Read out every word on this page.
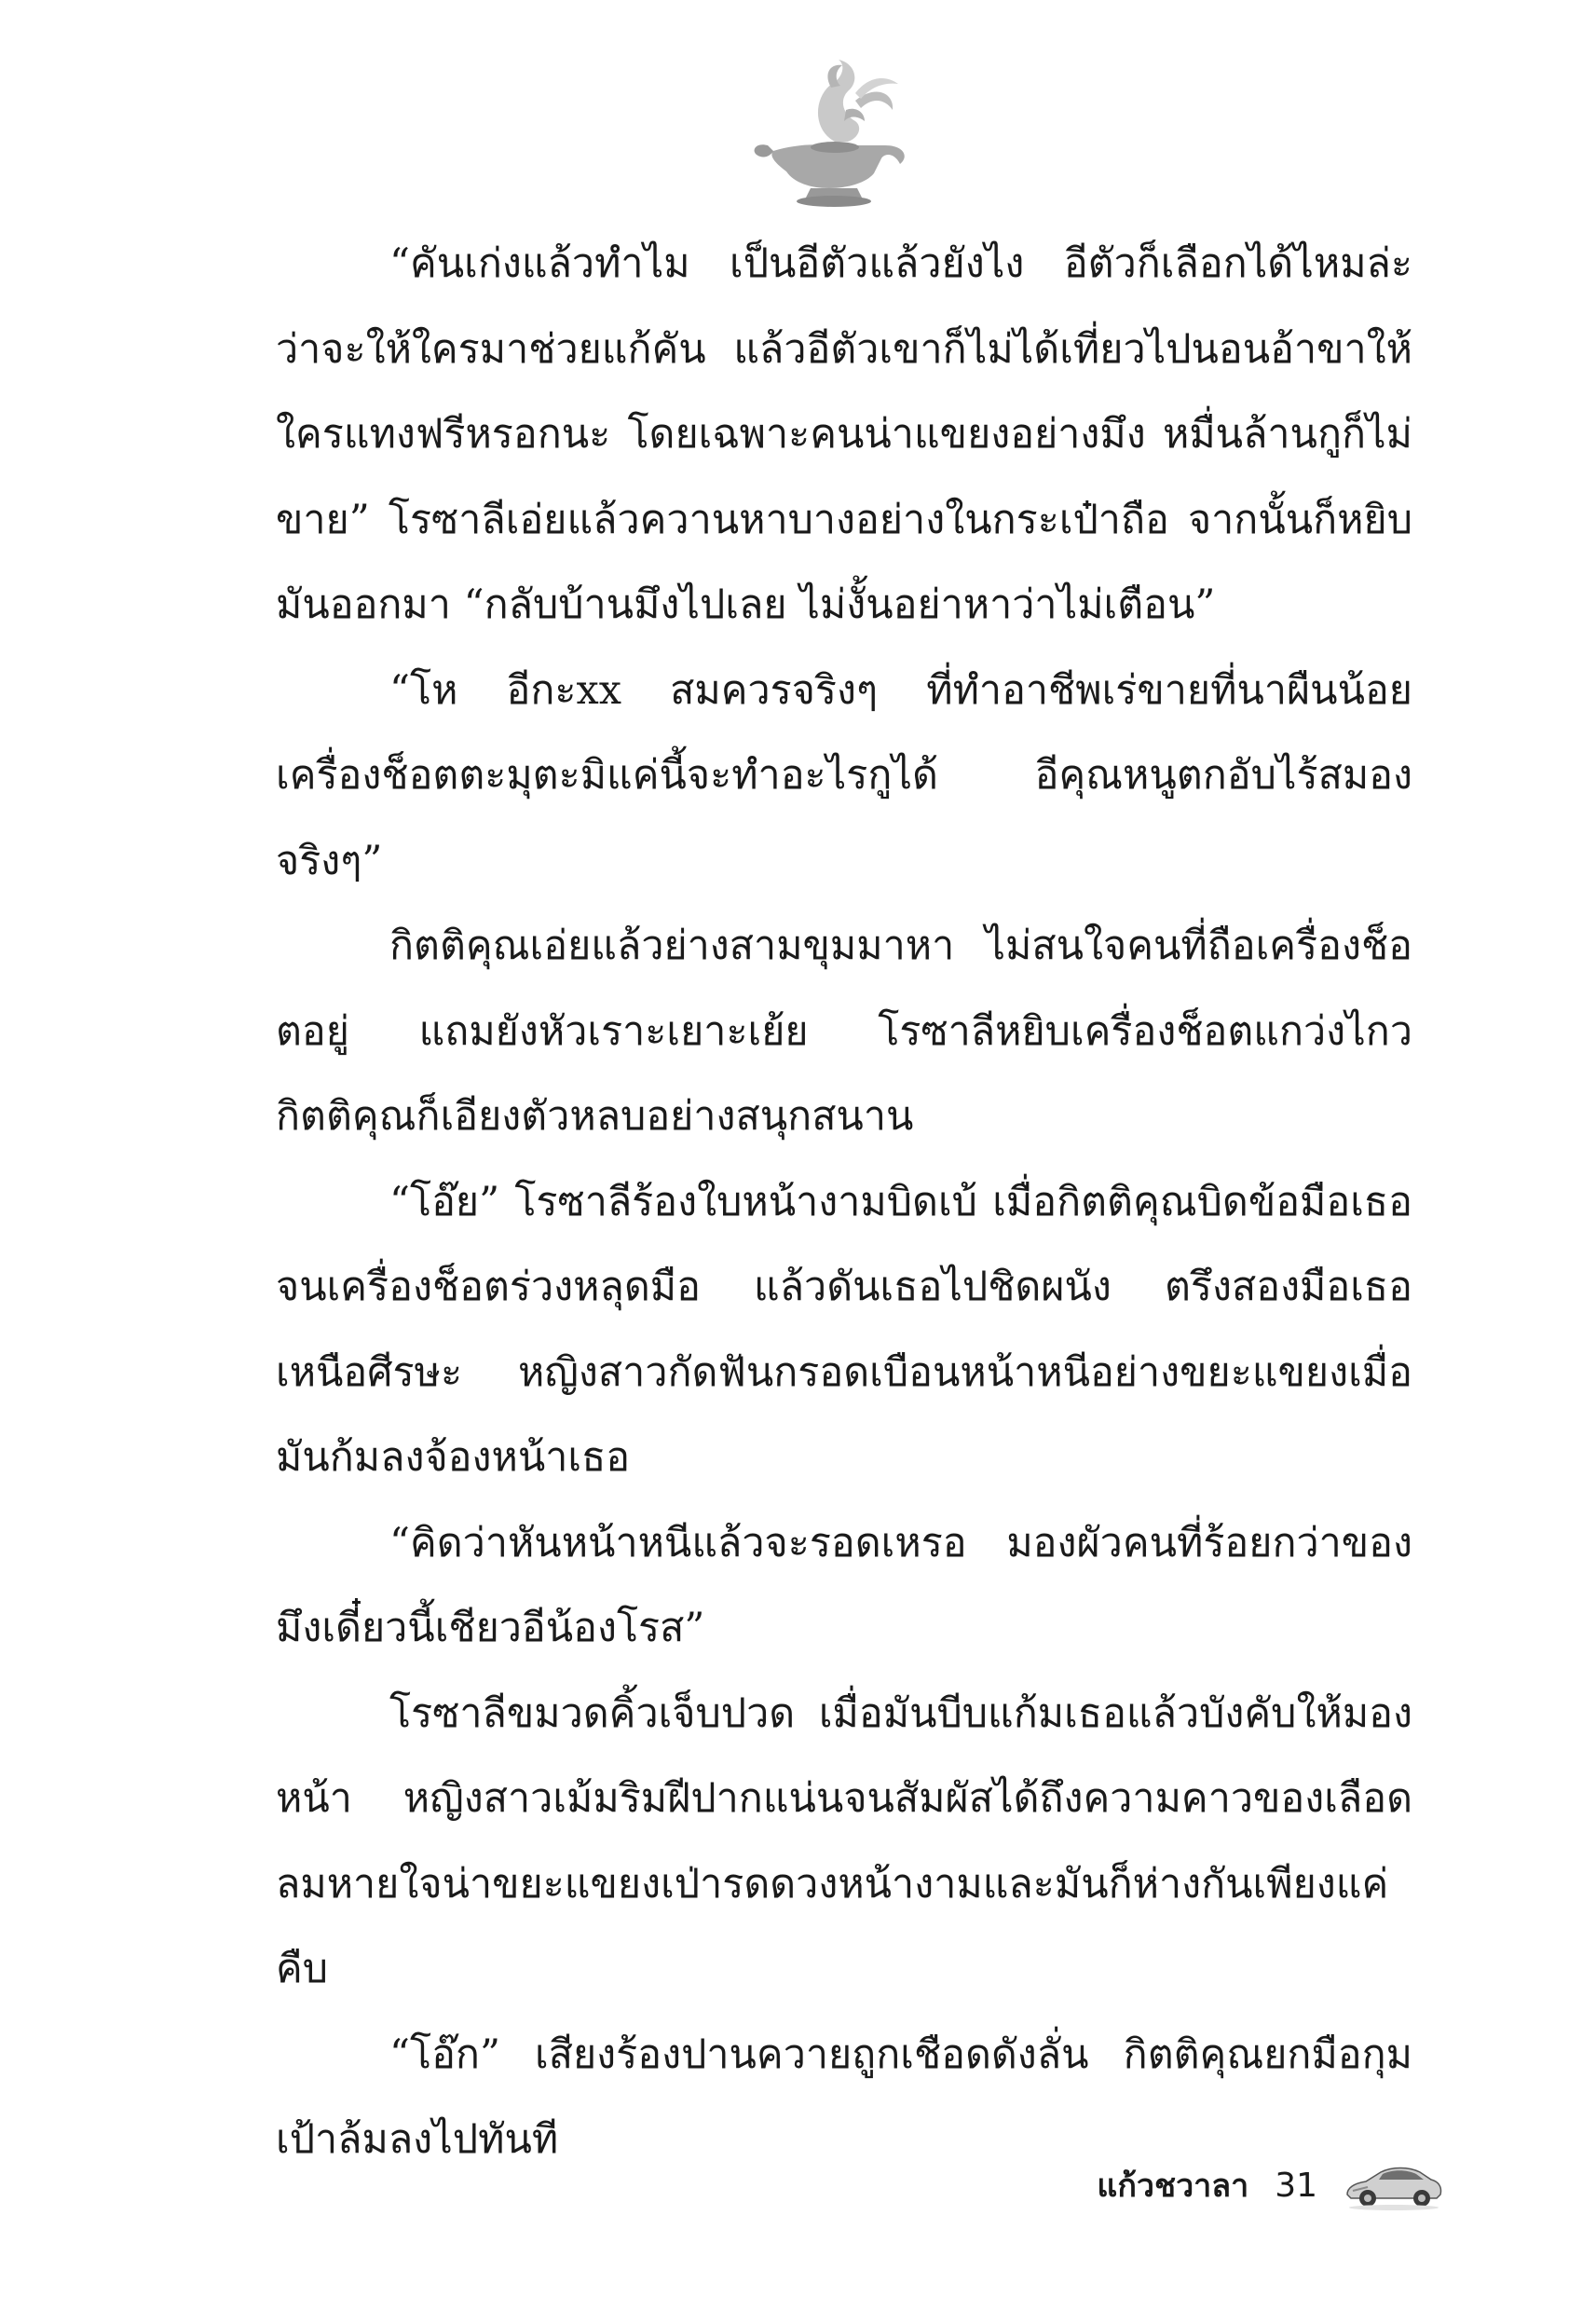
“คันเก่งแล้วทำไม เป็นอีตัวแล้วยังไง อีตัวก็เลือกได้ไหมล่ะ ว่าจะให้ใครมาช่วยแก้คัน แล้วอีตัวเขาก็ไม่ได้เที่ยวไปนอนอ้าขาให้ใครแทงฟรีหรอกนะ โดยเฉพาะคนน่าแขยงอย่างมึง หมื่นล้านกูก็ไม่ขาย” โรซาลีเอ่ยแล้วควานหาบางอย่างในกระเป๋าถือ จากนั้นก็หยิบมันออกมา “กลับบ้านมึงไปเลย ไม่งั้นอย่าหาว่าไม่เตือน”

“โห อีกะxx สมควรจริงๆ ที่ทำอาชีพเร่ขายที่นาผืนน้อย เครื่องช็อตตะมุตะมิแค่นี้จะทำอะไรกูได้ อีคุณหนูตกอับไร้สมองจริงๆ”

กิตติคุณเอ่ยแล้วย่างสามขุมมาหา ไม่สนใจคนที่ถือเครื่องช็อตอยู่ แถมยังหัวเราะเยาะเย้ย โรซาลีหยิบเครื่องช็อตแกว่งไกว กิตติคุณก็เอียงตัวหลบอย่างสนุกสนาน

“โอ๊ย” โรซาลีร้องใบหน้างามบิดเบ้ เมื่อกิตติคุณบิดข้อมือเธอจนเครื่องช็อตร่วงหลุดมือ แล้วดันเธอไปชิดผนัง ตรึงสองมือเธอเหนือศีรษะ หญิงสาวกัดฟันกรอดเบือนหน้าหนีอย่างขยะแขยงเมื่อมันก้มลงจ้องหน้าเธอ

“คิดว่าหันหน้าหนีแล้วจะรอดเหรอ มองผัวคนที่ร้อยกว่าของมึงเดี๋ยวนี้เชียวอีน้องโรส”

โรซาลีขมวดคิ้วเจ็บปวด เมื่อมันบีบแก้มเธอแล้วบังคับให้มองหน้า หญิงสาวเม้มริมฝีปากแน่นจนสัมผัสได้ถึงความคาวของเลือด ลมหายใจน่าขยะแขยงเป่ารดดวงหน้างามและมันก็ห่างกันเพียงแค่คืบ

“โอ๊ก” เสียงร้องปานควายถูกเชือดดังลั่น กิตติคุณยกมือกุมเป้าล้มลงไปทันที

แก้วชวาลา 31
